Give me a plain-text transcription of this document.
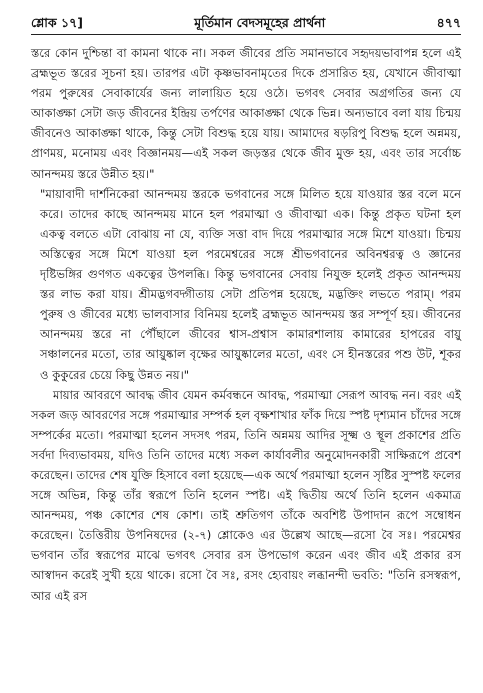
শ্লোক ১৭]	মূর্তিমান বেদসমূহের প্রার্থনা	৪৭৭

স্তরে কোন দুশ্চিন্তা বা কামনা থাকে না। সকল জীবের প্রতি সমানভাবে সহৃদয়ভাবাপন্ন হলে এই ব্রহ্মভূত স্তরের সূচনা হয়। তারপর এটা কৃষ্ণভাবনামৃতের দিকে প্রসারিত হয়, যেখানে জীবাত্মা পরম পুরুষের সেবাকার্যের জন্য লালায়িত হয়ে ওঠে। ভগবৎ সেবার অগ্রগতির জন্য যে আকাঙ্ক্ষা সেটা জড় জীবনের ইন্দ্রিয় তর্পণের আকাঙ্ক্ষা থেকে ভিন্ন। অন্যভাবে বলা যায় চিন্ময় জীবনেও আকাঙ্ক্ষা থাকে, কিন্তু সেটা বিশুদ্ধ হয়ে যায়। আমাদের ষড়রিপু বিশুদ্ধ হলে অন্নময়, প্রাণময়, মনোময় এবং বিজ্ঞানময়—এই সকল জড়স্তর থেকে জীব মুক্ত হয়, এবং তার সর্বোচ্চ আনন্দময় স্তরে উন্নীত হয়।"

"মায়াবাদী দার্শনিকেরা আনন্দময় স্তরকে ভগবানের সঙ্গে মিলিত হয়ে যাওয়ার স্তর বলে মনে করে। তাদের কাছে আনন্দময় মানে হল পরমাত্মা ও জীবাত্মা এক। কিন্তু প্রকৃত ঘটনা হল একত্ব বলতে এটা বোঝায় না যে, ব্যক্তি সত্তা বাদ দিয়ে পরমাত্মার সঙ্গে মিশে যাওয়া। চিন্ময় অস্তিত্বের সঙ্গে মিশে যাওয়া হল পরমেশ্বরের সঙ্গে শ্রীভগবানের অবিনশ্বরত্ব ও জ্ঞানের দৃষ্টিভঙ্গির গুণগত একত্বের উপলব্ধি। কিন্তু ভগবানের সেবায় নিযুক্ত হলেই প্রকৃত আনন্দময় স্তর লাভ করা যায়। শ্রীমদ্ভগবদ্গীতায় সেটা প্রতিপন্ন হয়েছে, মদ্ভক্তিং লভতে পরাম্। পরম পুরুষ ও জীবের মধ্যে ভালবাসার বিনিময় হলেই ব্রহ্মভূত আনন্দময় স্তর সম্পূর্ণ হয়। জীবনের আনন্দময় স্তরে না পৌঁছালে জীবের শ্বাস-প্রশ্বাস কামারশালায় কামারের হাপরের বায়ু সঞ্চালনের মতো, তার আয়ুষ্কাল বৃক্ষের আয়ুষ্কালের মতো, এবং সে হীনস্তরের পশু উট, শূকর ও কুকুরের চেয়ে কিছু উন্নত নয়।"

মায়ার আবরণে আবদ্ধ জীব যেমন কর্মবন্ধনে আবদ্ধ, পরমাত্মা সেরূপ আবদ্ধ নন। বরং এই সকল জড় আবরণের সঙ্গে পরমাত্মার সম্পর্ক হল বৃক্ষশাখার ফাঁক দিয়ে স্পষ্ট দৃশ্যমান চাঁদের সঙ্গে সম্পর্কের মতো। পরমাত্মা হলেন সদসৎ পরম, তিনি অন্নময় আদির সূক্ষ্ম ও স্থূল প্রকাশের প্রতি সর্বদা দিব্যভাবময়, যদিও তিনি তাদের মধ্যে সকল কার্যাবলীর অনুমোদনকারী সাক্ষিরূপে প্রবেশ করেছেন। তাদের শেষ যুক্তি হিসাবে বলা হয়েছে—এক অর্থে পরমাত্মা হলেন সৃষ্টির সুস্পষ্ট ফলের সঙ্গে অভিন্ন, কিন্তু তাঁর স্বরূপে তিনি হলেন স্পষ্ট। এই দ্বিতীয় অর্থে তিনি হলেন একমাত্র আনন্দময়, পঞ্চ কোশের শেষ কোশ। তাই শ্রুতিগণ তাঁকে অবশিষ্ট উপাদান রূপে সম্বোধন করেছেন। তৈত্তিরীয় উপনিষদের (২-৭) শ্লোকেও এর উল্লেখ আছে—রসো বৈ সঃ। পরমেশ্বর ভগবান তাঁর স্বরূপের মাঝে ভগবৎ সেবার রস উপভোগ করেন এবং জীব এই প্রকার রস আস্বাদন করেই সুখী হয়ে থাকে। রসো বৈ সঃ, রসং হ্যেবায়ং লব্ধানন্দী ভবতি: "তিনি রসস্বরূপ, আর এই রস
